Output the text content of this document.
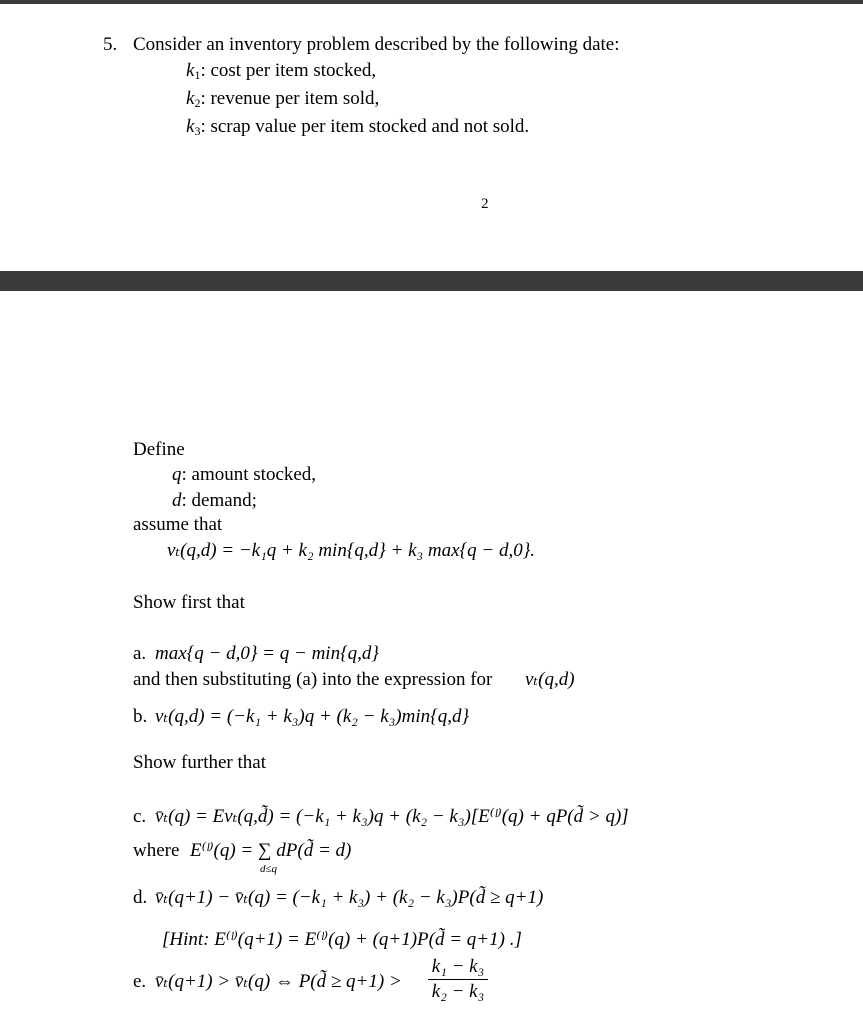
5. Consider an inventory problem described by the following date:
$k_1$: cost per item stocked,
$k_2$: revenue per item sold,
$k_3$: scrap value per item stocked and not sold.
2
Define
q: amount stocked,
d: demand;
assume that
vₜ(q,d) = −k₁q + k₂ min{q,d} + k₃ max{q − d,0}.
Show first that
a. max{q − d,0} = q − min{q,d}
and then substituting (a) into the expression for vₜ(q,d)
b. vₜ(q,d) = (−k₁ + k₃)q + (k₂ − k₃)min{q,d}
Show further that
c. v̄ₜ(q) = Evₜ(q,d̃) = (−k₁ + k₃)q + (k₂ − k₃)[E⁽ˡ⁾(q) + qP(d̃ > q)]
where E⁽ˡ⁾(q) = ∑ dP(d̃ = d)
d≤q
d. v̄ₜ(q+1) − v̄ₜ(q) = (−k₁ + k₃) + (k₂ − k₃)P(d̃ ≥ q+1)
[Hint: E⁽ˡ⁾(q+1) = E⁽ˡ⁾(q) + (q+1)P(d̃ = q+1) .]
e. v̄ₜ(q+1) > v̄ₜ(q) ⇔ P(d̃ ≥ q+1) >
k₁ − k₃
k₂ − k₃
